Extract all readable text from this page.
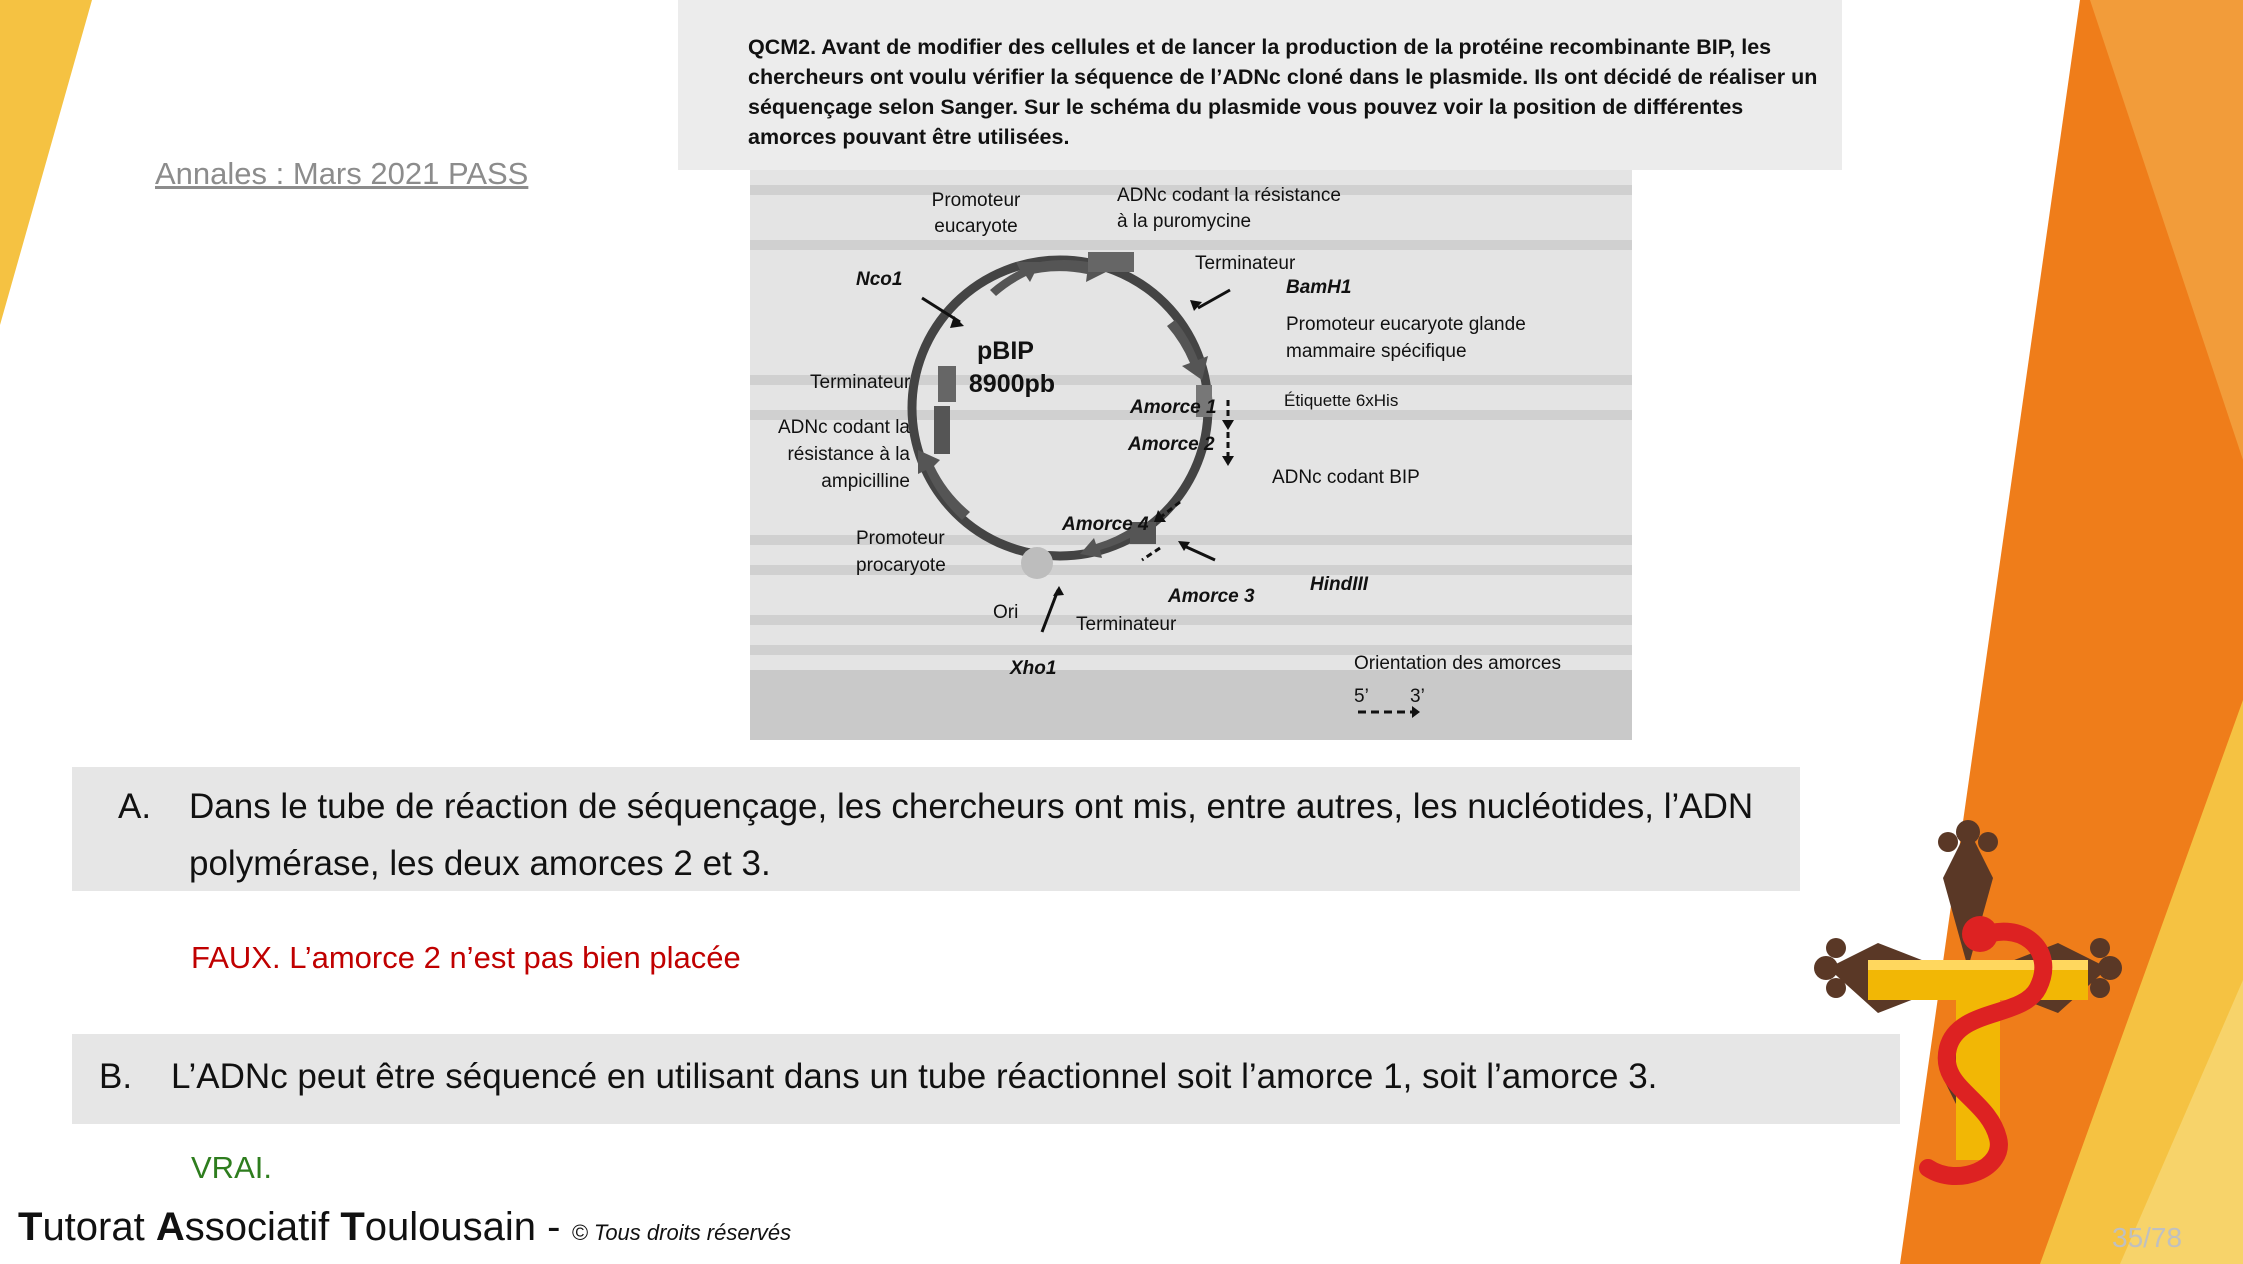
Annales : Mars 2021 PASS
QCM2. Avant de modifier des cellules et de lancer la production de la protéine recombinante BIP, les chercheurs ont voulu vérifier la séquence de l’ADNc cloné dans le plasmide. Ils ont décidé de réaliser un séquençage selon Sanger. Sur le schéma du plasmide vous pouvez voir la position de différentes amorces pouvant être utilisées.
pBIP
8900pb
Promoteur
eucaryote
ADNc codant la résistance
à la puromycine
Terminateur
BamH1
Nco1
Promoteur eucaryote glande
mammaire spécifique
Terminateur
Étiquette 6xHis
Amorce 1
Amorce 2
ADNc codant la
résistance à la
ampicilline	ADNc codant BIP
Amorce 4
Promoteur
procaryote
HindIII
Amorce 3
Ori
Terminateur
Xho1	Orientation des amorces
5’ 3’
A. Dans le tube de réaction de séquençage, les chercheurs ont mis, entre autres, les nucléotides, l’ADN polymérase, les deux amorces 2 et 3.
FAUX. L’amorce 2 n’est pas bien placée
B. L’ADNc peut être séquencé en utilisant dans un tube réactionnel soit l’amorce 1, soit l’amorce 3.
VRAI.
Tutorat Associatif Toulousain - © Tous droits réservés	35/78
